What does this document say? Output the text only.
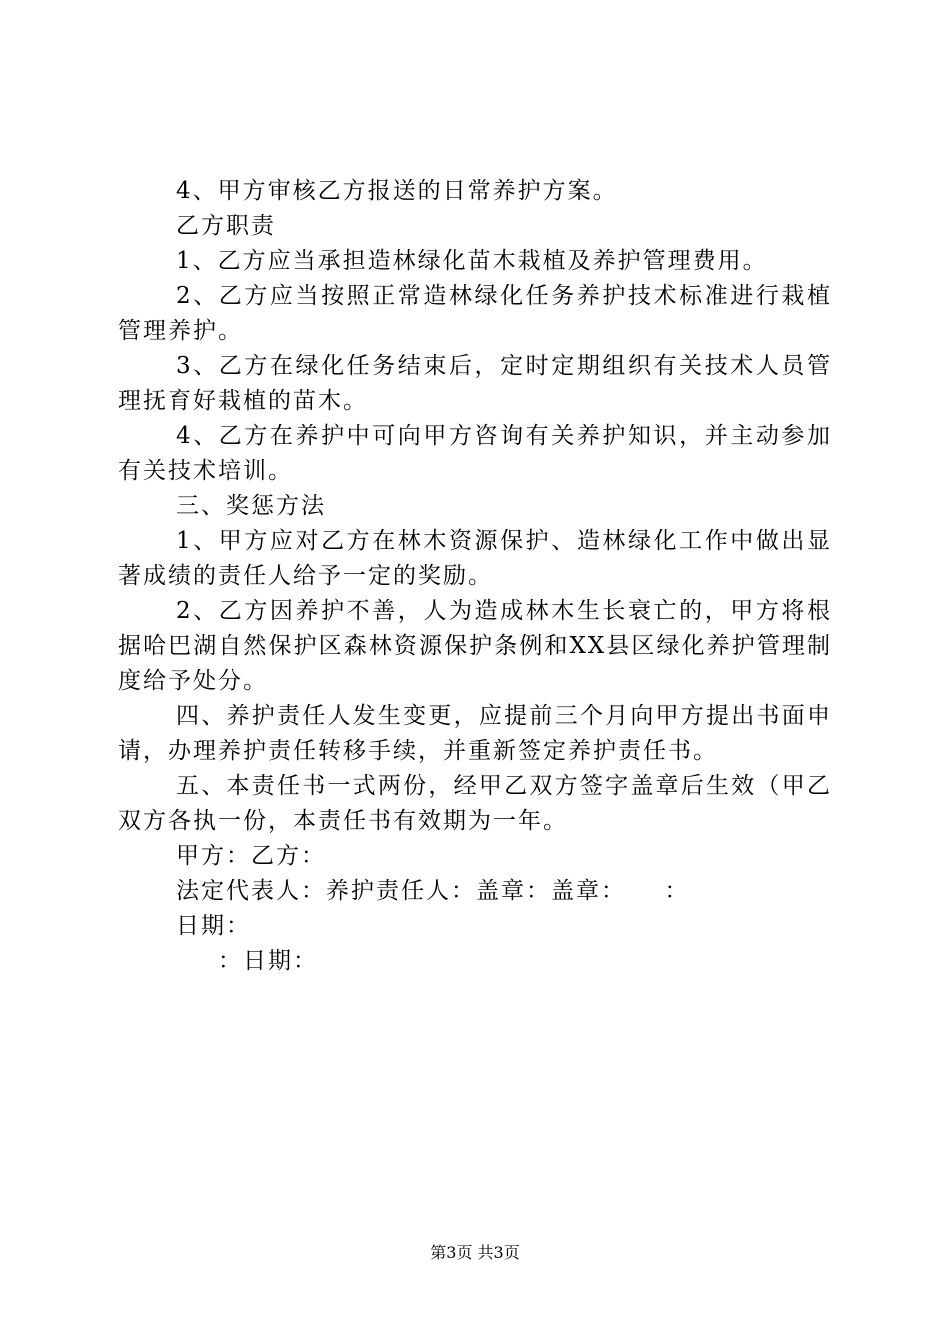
4、甲方审核乙方报送的日常养护方案。

乙方职责

1、乙方应当承担造林绿化苗木栽植及养护管理费用。

2、乙方应当按照正常造林绿化任务养护技术标准进行栽植管理养护。

3、乙方在绿化任务结束后，定时定期组织有关技术人员管理抚育好栽植的苗木。

4、乙方在养护中可向甲方咨询有关养护知识，并主动参加有关技术培训。

三、奖惩方法

1、甲方应对乙方在林木资源保护、造林绿化工作中做出显著成绩的责任人给予一定的奖励。

2、乙方因养护不善，人为造成林木生长衰亡的，甲方将根据哈巴湖自然保护区森林资源保护条例和XX县区绿化养护管理制度给予处分。

四、养护责任人发生变更，应提前三个月向甲方提出书面申请，办理养护责任转移手续，并重新签定养护责任书。

五、本责任书一式两份，经甲乙双方签字盖章后生效（甲乙双方各执一份，本责任书有效期为一年。

甲方：乙方：

法定代表人：养护责任人：盖章：盖章：　　：

日期：

：日期：

第3页 共3页
